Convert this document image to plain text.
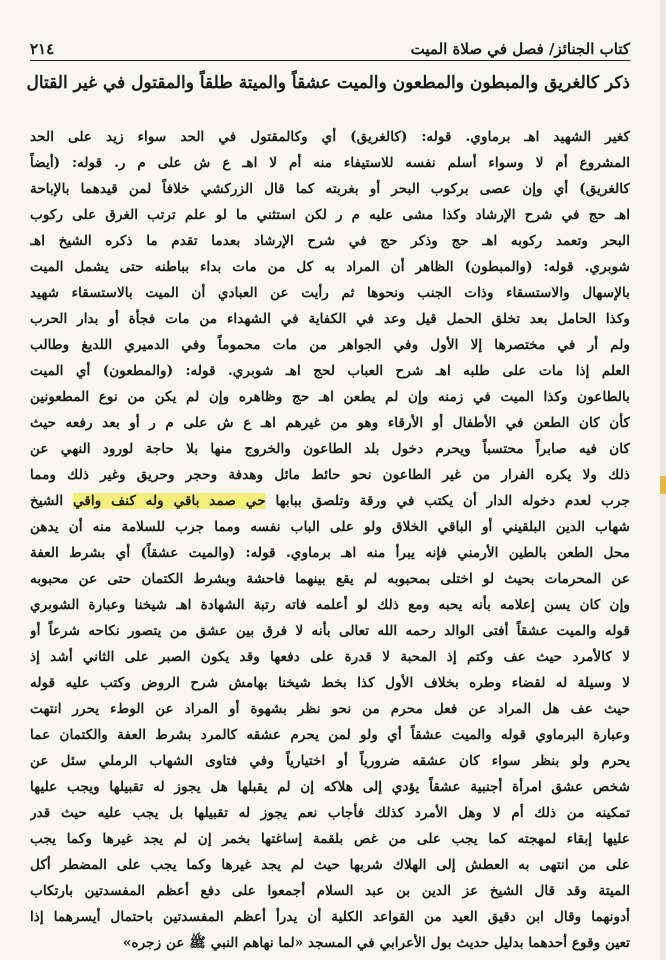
كتاب الجنائز/ فصل في صلاة الميت
٢١٤
ذكر كالغريق والمبطون والمطعون والميت عشقاً والميتة طلقاً والمقتول في غير القتال
كغير الشهيد اهـ برماوي. قوله: (كالغريق) أي وكالمقتول في الحد سواء زيد على الحد
المشروع أم لا وسواء أسلم نفسه للاستيفاء منه أم لا اهـ ع ش على م ر. قوله: (أيضاً
كالغريق) أي وإن عصى بركوب البحر أو بغربته كما قال الزركشي خلافاً لمن قيدهما بالإباحة
اهـ حج في شرح الإرشاد وكذا مشى عليه م ر لكن استثني ما لو علم ترتب الغرق على ركوب
البحر وتعمد ركوبه اهـ حج وذكر حج في شرح الإرشاد بعدما تقدم ما ذكره الشيخ اهـ
شوبري. قوله: (والمبطون) الظاهر أن المراد به كل من مات بداء بباطنه حتى يشمل الميت
بالإسهال والاستسقاء وذات الجنب ونحوها ثم رأيت عن العبادي أن الميت بالاستسقاء شهيد
وكذا الحامل بعد تخلق الحمل قيل وعد في الكفاية في الشهداء من مات فجأة أو بدار الحرب
ولم أر في مختصرها إلا الأول وفي الجواهر من مات محموماً وفي الدميري اللديغ وطالب
العلم إذا مات على طلبه اهـ شرح العباب لحج اهـ شوبري. قوله: (والمطعون) أي الميت
بالطاعون وكذا الميت في زمنه وإن لم يطعن اهـ حج وظاهره وإن لم يكن من نوع المطعونين
كأن كان الطعن في الأطفال أو الأرقاء وهو من غيرهم اهـ ع ش على م ر أو بعد رفعه حيث
كان فيه صابراً محتسباً ويحرم دخول بلد الطاعون والخروج منها بلا حاجة لورود النهي عن
ذلك ولا يكره الفرار من غير الطاعون نحو حائط مائل وهدفة وحجر وحريق وغير ذلك ومما
جرب لعدم دخوله الدار أن يكتب في ورقة وتلصق ببابها حي صمد باقي وله كنف واقي الشيخ
شهاب الدين البلقيني أو الباقي الخلاق ولو على الباب نفسه ومما جرب للسلامة منه أن يدهن
محل الطعن بالطين الأرمني فإنه يبرأ منه اهـ برماوي. قوله: (والميت عشقاً) أي بشرط العفة
عن المحرمات بحيث لو اختلى بمحبوبه لم يقع بينهما فاحشة وبشرط الكتمان حتى عن محبوبه
وإن كان يسن إعلامه بأنه يحبه ومع ذلك لو أعلمه فاته رتبة الشهادة اهـ شيخنا وعبارة الشوبري
قوله والميت عشقاً أفتى الوالد رحمه الله تعالى بأنه لا فرق بين عشق من يتصور نكاحه شرعاً أو
لا كالأمرد حيث عف وكتم إذ المحبة لا قدرة على دفعها وقد يكون الصبر على الثاني أشد إذ
لا وسيلة له لقضاء وطره بخلاف الأول كذا بخط شيخنا بهامش شرح الروض وكتب عليه قوله
حيث عف هل المراد عن فعل محرم من نحو نظر بشهوة أو المراد عن الوطء يحرر انتهت
وعبارة البرماوي قوله والميت عشقاً أي ولو لمن يحرم عشقه كالمرد بشرط العفة والكتمان عما
يحرم ولو بنظر سواء كان عشقه ضرورياً أو اختيارياً وفي فتاوى الشهاب الرملي سئل عن
شخص عشق امرأة أجنبية عشقاً يؤدي إلى هلاكه إن لم يقبلها هل يجوز له تقبيلها ويجب عليها
تمكينه من ذلك أم لا وهل الأمرد كذلك فأجاب نعم يجوز له تقبيلها بل يجب عليه حيث قدر
عليها إبقاء لمهجته كما يجب على من غص بلقمة إساغتها بخمر إن لم يجد غيرها وكما يجب
على من انتهى به العطش إلى الهلاك شربها حيث لم يجد غيرها وكما يجب على المضطر أكل
الميتة وقد قال الشيخ عز الدين بن عبد السلام أجمعوا على دفع أعظم المفسدتين بارتكاب
أدونهما وقال ابن دقيق العيد من القواعد الكلية أن يدرأ أعظم المفسدتين باحتمال أيسرهما إذا
تعين وقوع أحدهما بدليل حديث بول الأعرابي في المسجد «لما نهاهم النبي ﷺ عن زجره»
